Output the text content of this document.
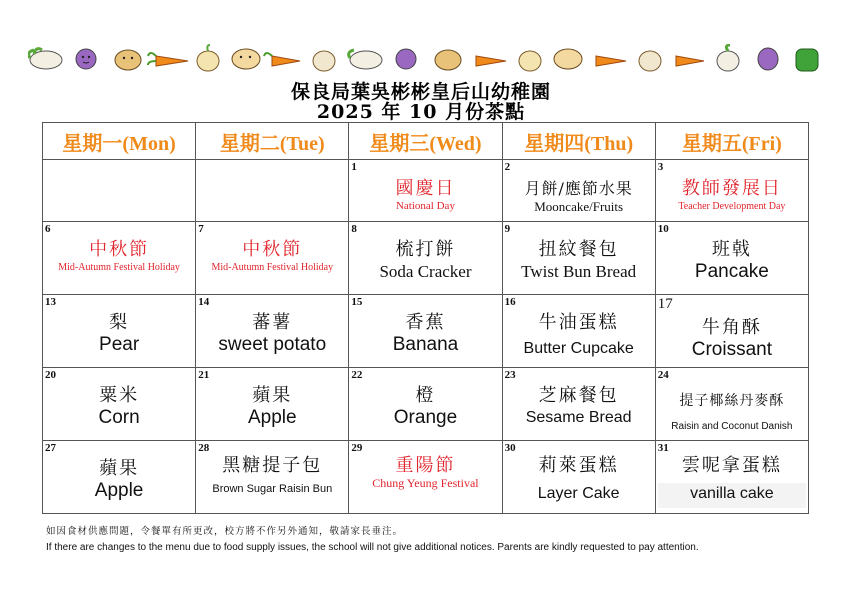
保良局葉吳彬彬皇后山幼稚園
2025 年 10 月份茶點
星期一(Mon)	星期二(Tue)	星期三(Wed)	星期四(Thu)	星期五(Fri)

		1
國慶日
National Day	2
月餅/應節水果
Mooncake/Fruits	3
教師發展日
Teacher Development Day

6
中秋節
Mid-Autumn Festival Holiday	7
中秋節
Mid-Autumn Festival Holiday	8
梳打餅
Soda Cracker	9
扭紋餐包
Twist Bun Bread	10
班戟
Pancake

13
梨
Pear	14
蕃薯
sweet potato	15
香蕉
Banana	16
牛油蛋糕
Butter Cupcake	17
牛角酥
Croissant

20
粟米
Corn	21
蘋果
Apple	22
橙
Orange	23
芝麻餐包
Sesame Bread	24
提子椰絲丹麥酥
Raisin and Coconut Danish

27
蘋果
Apple	28
黑糖提子包
Brown Sugar Raisin Bun	29
重陽節
Chung Yeung Festival	30
莉萊蛋糕
Layer Cake	31
雲呢拿蛋糕
vanilla cake
如因食材供應問題，令餐單有所更改，校方將不作另外通知，敬請家長垂注。
If there are changes to the menu due to food supply issues, the school will not give additional notices. Parents are kindly requested to pay attention.
